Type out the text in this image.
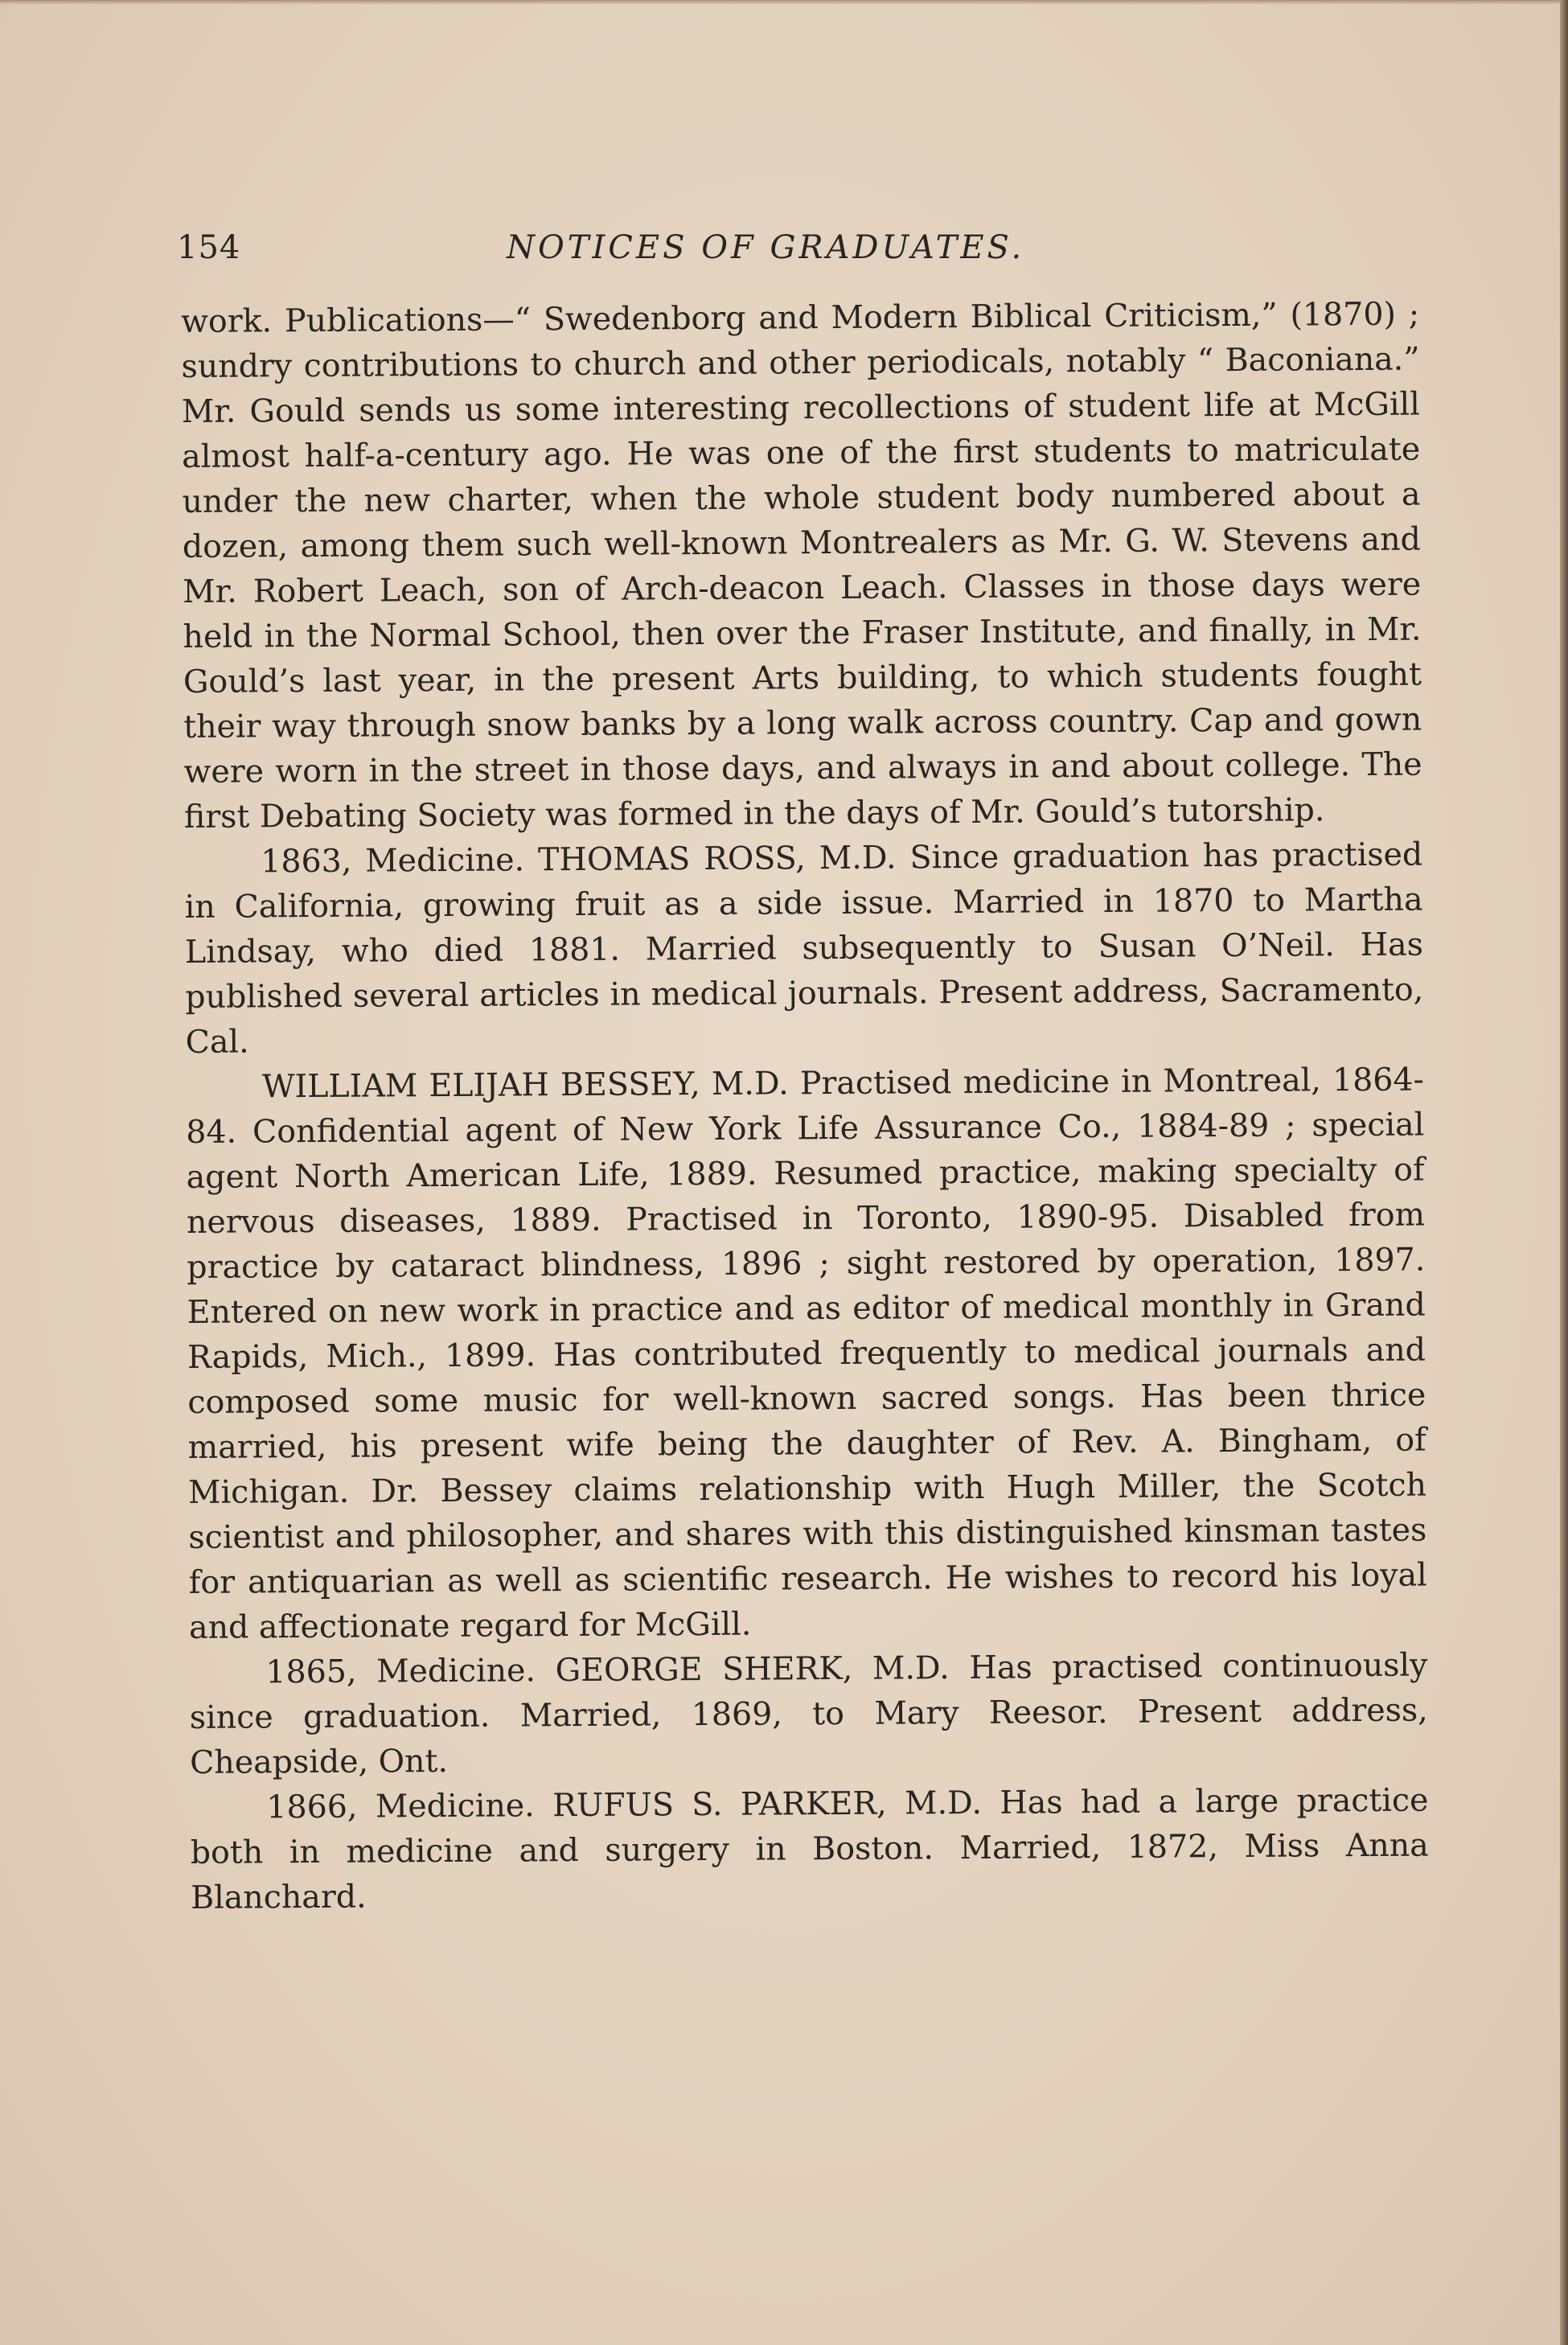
154	NOTICES OF GRADUATES.

work. Publications—“ Swedenborg and Modern Biblical Criticism,” (1870) ; sundry contributions to church and other periodicals, notably “ Baconiana.” Mr. Gould sends us some interesting recollections of student life at McGill almost half-a-century ago. He was one of the first students to matriculate under the new charter, when the whole student body numbered about a dozen, among them such well-known Montrealers as Mr. G. W. Stevens and Mr. Robert Leach, son of Arch-deacon Leach. Classes in those days were held in the Normal School, then over the Fraser Institute, and finally, in Mr. Gould’s last year, in the present Arts building, to which students fought their way through snow banks by a long walk across country. Cap and gown were worn in the street in those days, and always in and about college. The first Debating Society was formed in the days of Mr. Gould’s tutorship.

1863, Medicine. THOMAS ROSS, M.D. Since graduation has practised in California, growing fruit as a side issue. Married in 1870 to Martha Lindsay, who died 1881. Married subsequently to Susan O’Neil. Has published several articles in medical journals. Present address, Sacramento, Cal.

WILLIAM ELIJAH BESSEY, M.D. Practised medicine in Montreal, 1864-84. Confidential agent of New York Life Assurance Co., 1884-89 ; special agent North American Life, 1889. Resumed practice, making specialty of nervous diseases, 1889. Practised in Toronto, 1890-95. Disabled from practice by cataract blindness, 1896 ; sight restored by operation, 1897. Entered on new work in practice and as editor of medical monthly in Grand Rapids, Mich., 1899. Has contributed frequently to medical journals and composed some music for well-known sacred songs. Has been thrice married, his present wife being the daughter of Rev. A. Bingham, of Michigan. Dr. Bessey claims relationship with Hugh Miller, the Scotch scientist and philosopher, and shares with this distinguished kinsman tastes for antiquarian as well as scientific research. He wishes to record his loyal and affectionate regard for McGill.

1865, Medicine. GEORGE SHERK, M.D. Has practised continuously since graduation. Married, 1869, to Mary Reesor. Present address, Cheapside, Ont.

1866, Medicine. RUFUS S. PARKER, M.D. Has had a large practice both in medicine and surgery in Boston. Married, 1872, Miss Anna Blanchard.
